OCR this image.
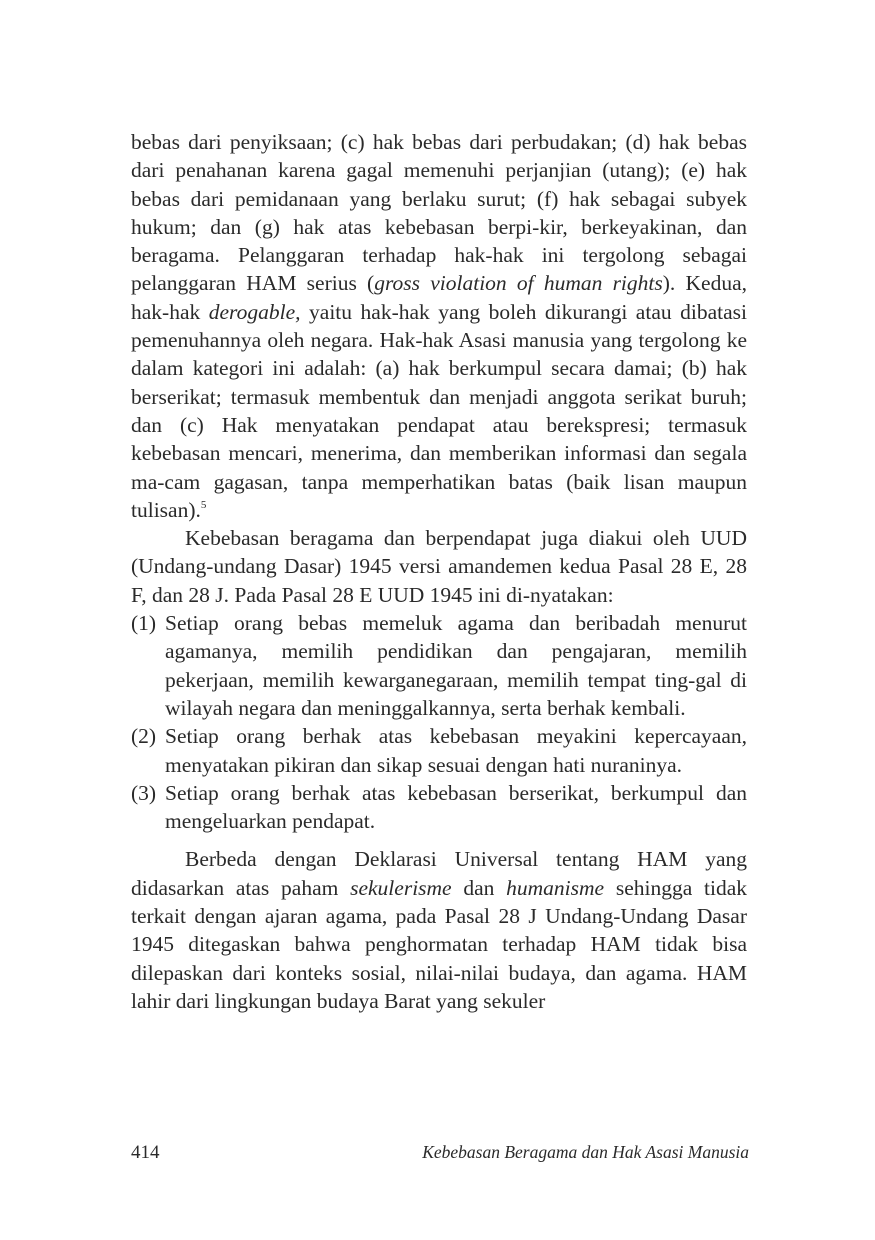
bebas dari penyiksaan; (c) hak bebas dari perbudakan; (d) hak bebas dari penahanan karena gagal memenuhi perjanjian (utang); (e) hak bebas dari pemidanaan yang berlaku surut; (f) hak sebagai subyek hukum; dan (g) hak atas kebebasan berpi-kir, berkeyakinan, dan beragama. Pelanggaran terhadap hak-hak ini tergolong sebagai pelanggaran HAM serius (gross violation of human rights). Kedua, hak-hak derogable, yaitu hak-hak yang boleh dikurangi atau dibatasi pemenuhannya oleh negara. Hak-hak Asasi manusia yang tergolong ke dalam kategori ini adalah: (a) hak berkumpul secara damai; (b) hak berserikat; termasuk membentuk dan menjadi anggota serikat buruh; dan (c) Hak menyatakan pendapat atau berekspresi; termasuk kebebasan mencari, menerima, dan memberikan informasi dan segala ma-cam gagasan, tanpa memperhatikan batas (baik lisan maupun tulisan).$^5$

Kebebasan beragama dan berpendapat juga diakui oleh UUD (Undang-undang Dasar) 1945 versi amandemen kedua Pasal 28 E, 28 F, dan 28 J. Pada Pasal 28 E UUD 1945 ini di-nyatakan:

(1) Setiap orang bebas memeluk agama dan beribadah menurut agamanya, memilih pendidikan dan pengajaran, memilih pekerjaan, memilih kewarganegaraan, memilih tempat ting-gal di wilayah negara dan meninggalkannya, serta berhak kembali.
(2) Setiap orang berhak atas kebebasan meyakini kepercayaan, menyatakan pikiran dan sikap sesuai dengan hati nuraninya.
(3) Setiap orang berhak atas kebebasan berserikat, berkumpul dan mengeluarkan pendapat.

Berbeda dengan Deklarasi Universal tentang HAM yang didasarkan atas paham sekulerisme dan humanisme sehingga tidak terkait dengan ajaran agama, pada Pasal 28 J Undang-Undang Dasar 1945 ditegaskan bahwa penghormatan terhadap HAM tidak bisa dilepaskan dari konteks sosial, nilai-nilai budaya, dan agama. HAM lahir dari lingkungan budaya Barat yang sekuler

414	Kebebasan Beragama dan Hak Asasi Manusia
